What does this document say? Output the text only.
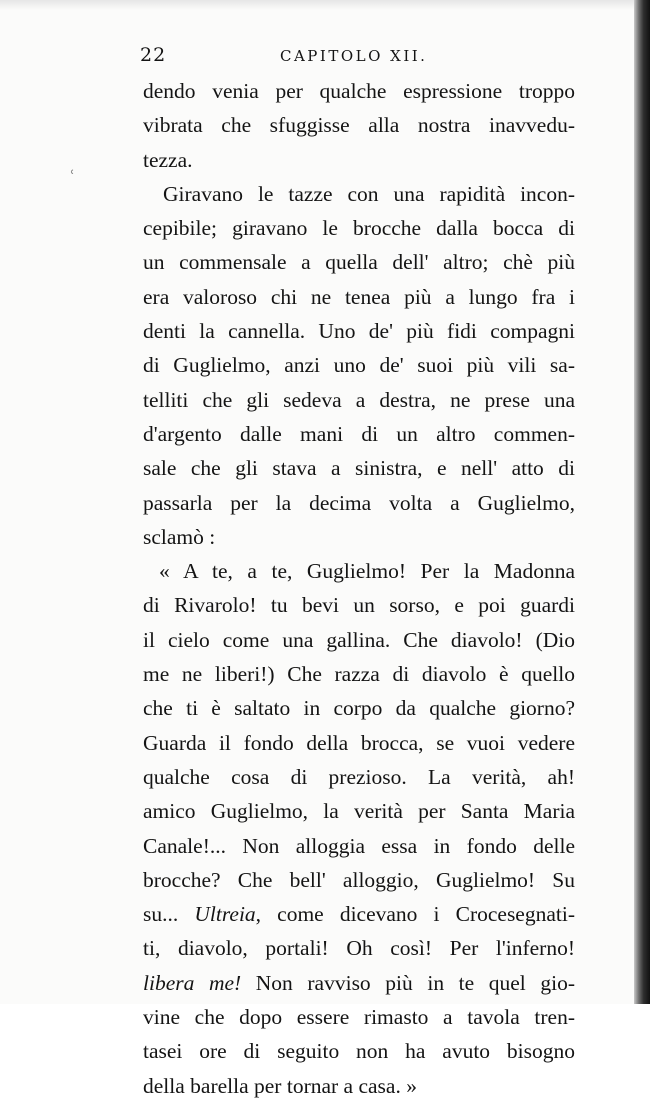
22	CAPITOLO XII.
ʿ
dendo venia per qualche espressione troppo
vibrata che sfuggisse alla nostra inavvedu-
tezza.
Giravano le tazze con una rapidità incon-
cepibile; giravano le brocche dalla bocca di
un commensale a quella dell' altro; chè più
era valoroso chi ne tenea più a lungo fra i
denti la cannella. Uno de' più fidi compagni
di Guglielmo, anzi uno de' suoi più vili sa-
telliti che gli sedeva a destra, ne prese una
d'argento dalle mani di un altro commen-
sale che gli stava a sinistra, e nell' atto di
passarla per la decima volta a Guglielmo,
sclamò :
« A te, a te, Guglielmo! Per la Madonna
di Rivarolo! tu bevi un sorso, e poi guardi
il cielo come una gallina. Che diavolo! (Dio
me ne liberi!) Che razza di diavolo è quello
che ti è saltato in corpo da qualche giorno?
Guarda il fondo della brocca, se vuoi vedere
qualche cosa di prezioso. La verità, ah!
amico Guglielmo, la verità per Santa Maria
Canale!... Non alloggia essa in fondo delle
brocche? Che bell' alloggio, Guglielmo! Su
su... Ultreia, come dicevano i Crocesegnati-
ti, diavolo, portali! Oh così! Per l'inferno!
libera me! Non ravviso più in te quel gio-
vine che dopo essere rimasto a tavola tren-
tasei ore di seguito non ha avuto bisogno
della barella per tornar a casa. »
